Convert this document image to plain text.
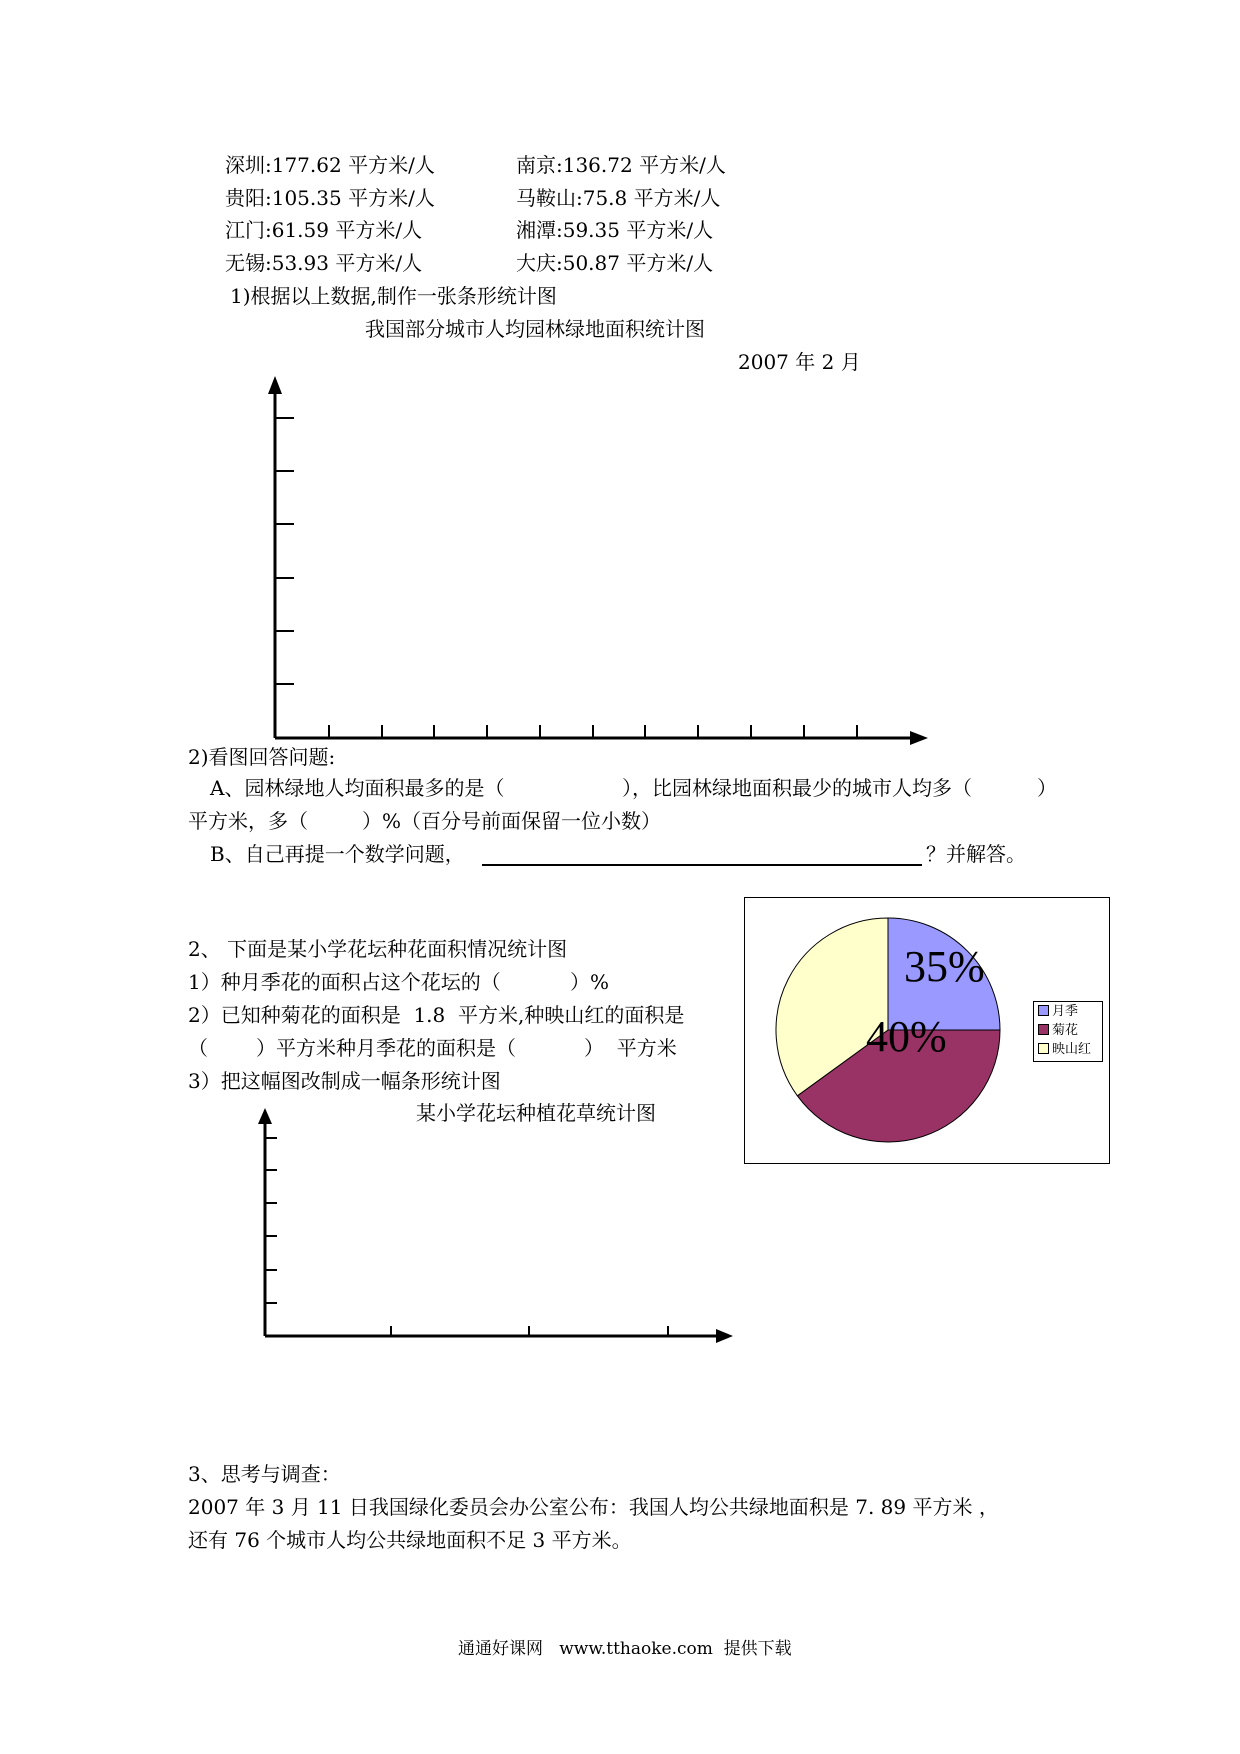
深圳:177.62 平方米/人	南京:136.72 平方米/人
贵阳:105.35 平方米/人	马鞍山:75.8 平方米/人
江门:61.59 平方米/人	湘潭:59.35 平方米/人
无锡:53.93 平方米/人	大庆:50.87 平方米/人
1)根据以上数据,制作一张条形统计图
我国部分城市人均园林绿地面积统计图
2007 年 2 月
2)看图回答问题:
A、园林绿地人均面积最多的是（	），比园林绿地面积最少的城市人均多（	）
平方米，多（	）%（百分号前面保留一位小数）
B、自己再提一个数学问题，	？并解答。
2、 下面是某小学花坛种花面积情况统计图
1）种月季花的面积占这个花坛的（	）%
2）已知种菊花的面积是  1.8  平方米,种映山红的面积是
（ ）平方米种月季花的面积是（	）  平方米
3）把这幅图改制成一幅条形统计图
某小学花坛种植花草统计图
35%
40%
月季
菊花
映山红
3、思考与调查：
2007 年 3 月 11 日我国绿化委员会办公室公布：我国人均公共绿地面积是 7. 89 平方米 ，
还有 76 个城市人均公共绿地面积不足 3 平方米。
通通好课网   www.tthaoke.com  提供下载
